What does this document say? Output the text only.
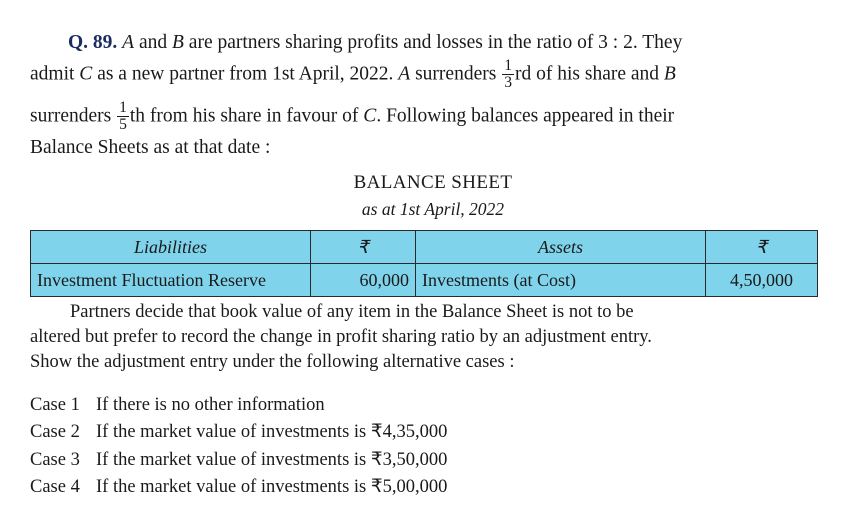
Q. 89. A and B are partners sharing profits and losses in the ratio of 3 : 2. They
admit C as a new partner from 1st April, 2022. A surrenders $\frac{1}{3}$ rd of his share and B
surrenders $\frac{1}{5}$ th from his share in favour of C. Following balances appeared in their
Balance Sheets as at that date :
BALANCE SHEET
as at 1st April, 2022
Liabilities	₹	Assets	₹
Investment Fluctuation Reserve	60,000	Investments (at Cost)	4,50,000
Partners decide that book value of any item in the Balance Sheet is not to be
altered but prefer to record the change in profit sharing ratio by an adjustment entry.
Show the adjustment entry under the following alternative cases :
Case 1 If there is no other information
Case 2 If the market value of investments is ₹4,35,000
Case 3 If the market value of investments is ₹3,50,000
Case 4 If the market value of investments is ₹5,00,000
